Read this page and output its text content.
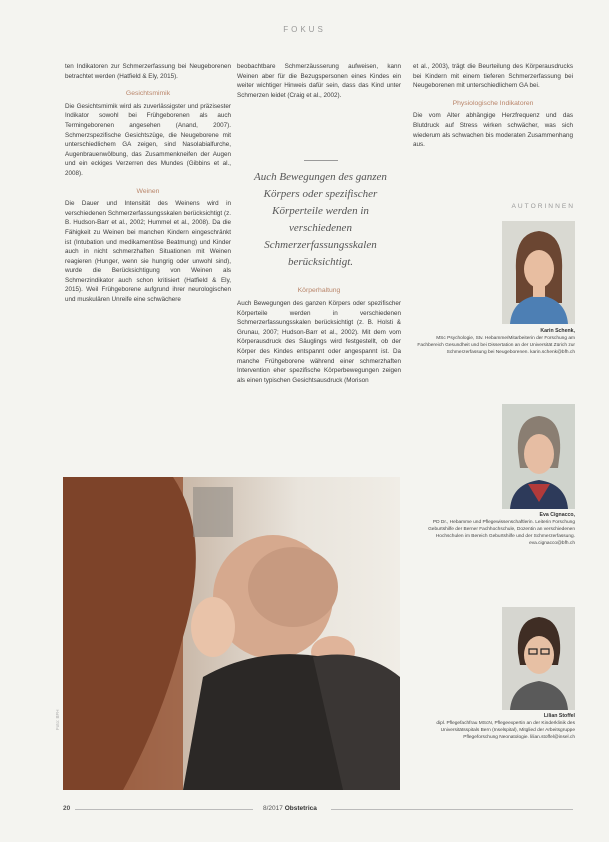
FOKUS

ten Indikatoren zur Schmerzerfassung bei Neugeborenen betrachtet werden (Hatfield & Ely, 2015).

Gesichtsmimik

Die Gesichtsmimik wird als zuverlässigster und präzisester Indikator sowohl bei Frühgeborenen als auch Termingeborenen angesehen (Anand, 2007). Schmerzspezifische Gesichtszüge, die Neugeborene mit unterschiedlichem GA zeigen, sind Nasolabialfurche, Augenbrauenwölbung, das Zusammenkneifen der Augen und ein eckiges Verzerren des Mundes (Gibbins et al., 2008).

Weinen

Die Dauer und Intensität des Weinens wird in verschiedenen Schmerzerfassungsskalen berücksichtigt (z. B. Hudson-Barr et al., 2002; Hummel et al., 2008). Da die Fähigkeit zu Weinen bei manchen Kindern eingeschränkt ist (Intubation und medikamentöse Beatmung) und Kinder auch in nicht schmerzhaften Situationen mit Weinen reagieren (Hunger, wenn sie hungrig oder unwohl sind), wurde die Berücksichtigung von Weinen als Schmerzindikator auch schon kritisiert (Hatfield & Ely, 2015). Weil Frühgeborene aufgrund ihrer neurologischen und muskulären Unreife eine schwächere

beobachtbare Schmerzäusserung aufweisen, kann Weinen aber für die Bezugspersonen eines Kindes ein weiter wichtiger Hinweis dafür sein, dass das Kind unter Schmerzen leidet (Craig et al., 2002).

Körperhaltung

Auch Bewegungen des ganzen Körpers oder spezifischer Körperteile werden in verschiedenen Schmerzerfassungsskalen berücksichtigt (z. B. Holsti & Grunau, 2007; Hudson-Barr et al., 2002). Mit dem vom Körperausdruck des Säuglings wird festgestellt, ob der Körper des Kindes entspannt oder angespannt ist. Da manche Frühgeborene während einer schmerzhaften Intervention eher spezifische Körperbewegungen zeigen als einen typischen Gesichtsausdruck (Morison

Auch Bewegungen des ganzen Körpers oder spezifischer Körperteile werden in verschiedenen Schmerzerfassungsskalen berücksichtigt.

et al., 2003), trägt die Beurteilung des Körperausdrucks bei Kindern mit einem tieferen Schmerzerfassung bei Neugeborenen mit unterschiedlichem GA bei.

Physiologische Indikatoren

Die vom Alter abhängige Herzfrequenz und das Blutdruck auf Stress wirken schwächer, was sich wiederum als schwachen bis moderaten Zusammenhang aus.

AUTORINNEN
Karin Schenk,
MSc Psychologie, Stv. Hebamme/Mitarbeiterin der Forschung am Fachbereich Gesundheit und bei Dissertation an der Universität Zürich zur Schmerzerfassung bei Neugeborenen. karin.schenk@bfh.ch
Eva Cignacco,
PD Dr., Hebamme und Pflegewissenschaftlerin. Leiterin Forschung Geburtshilfe der Berner Fachhochschule, Dozentin an verschiedenen Hochschulen im Bereich Geburtshilfe und der Schmerzerfassung. eva.cignacco@bfh.ch
Lilian Stoffel
dipl. Pflegefachfrau MScN, Pflegeexpertin an der Kinderklinik des Universitätsspitals Bern (Inselspital), Mitglied der Arbeitsgruppe Pflegeforschung Neonatologie. lilian.stoffel@insel.ch
Foto: BFH
20	8/2017 Obstetrica
